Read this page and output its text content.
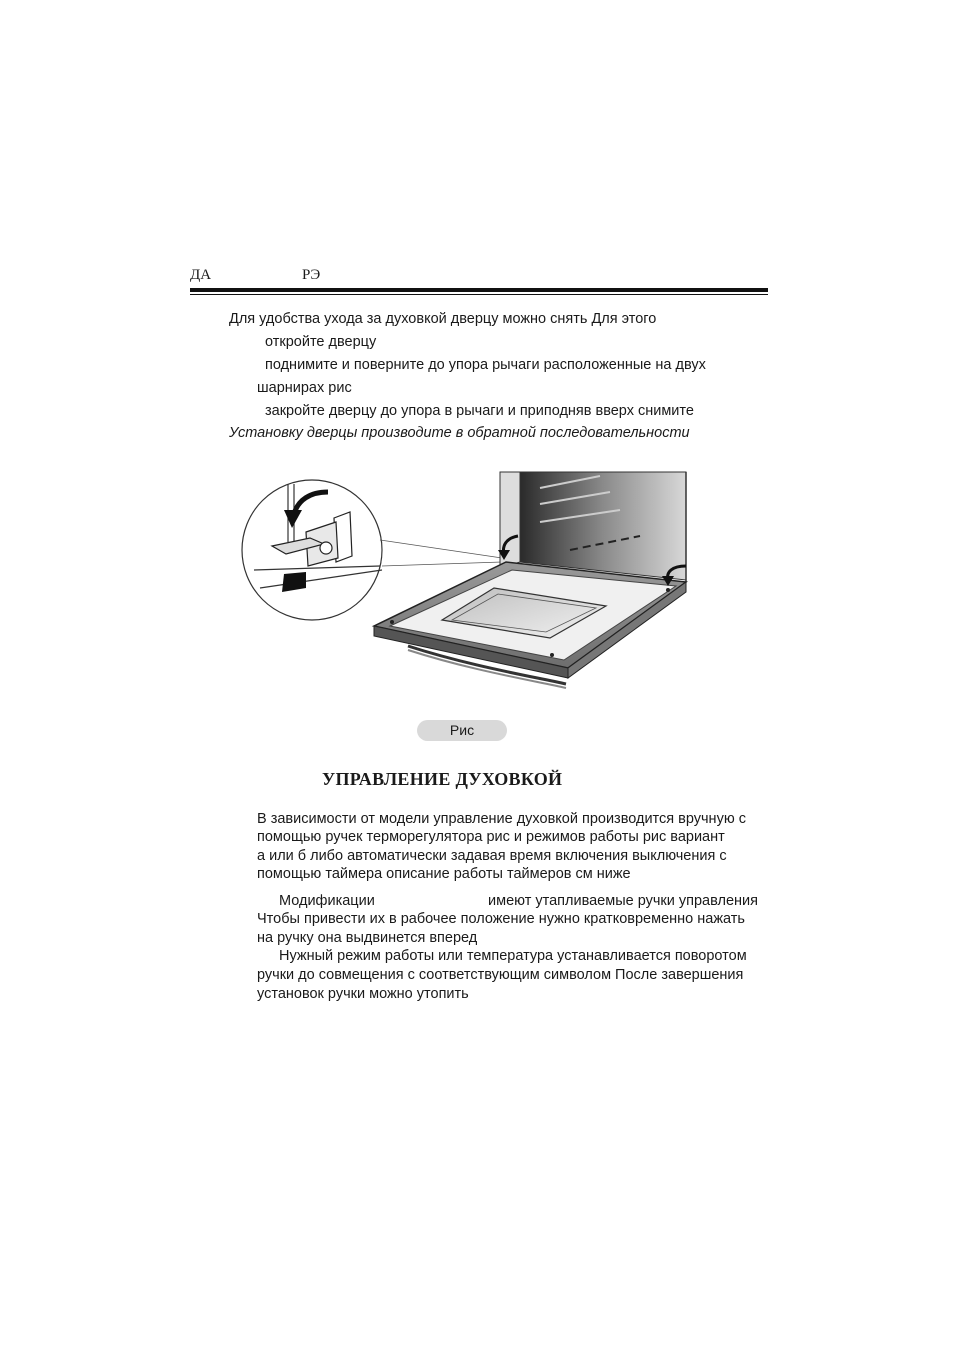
ДА	РЭ
Для удобства ухода за духовкой дверцу можно снять Для этого
откройте дверцу
поднимите и поверните до упора рычаги расположенные на двух
шарнирах рис
закройте дверцу до упора в рычаги и приподняв вверх снимите
Установку дверцы производите в обратной последовательности
Рис
УПРАВЛЕНИЕ ДУХОВКОЙ
В зависимости от модели управление духовкой производится вручную с
помощью ручек терморегулятора рис и режимов работы рис вариант
а или б либо автоматически задавая время включения выключения с
помощью таймера описание работы таймеров см ниже
Модификации	имеют утапливаемые ручки управления
Чтобы привести их в рабочее положение нужно кратковременно нажать
на ручку она выдвинется вперед
Нужный режим работы или температура устанавливается поворотом
ручки до совмещения с соответствующим символом После завершения
установок ручки можно утопить
